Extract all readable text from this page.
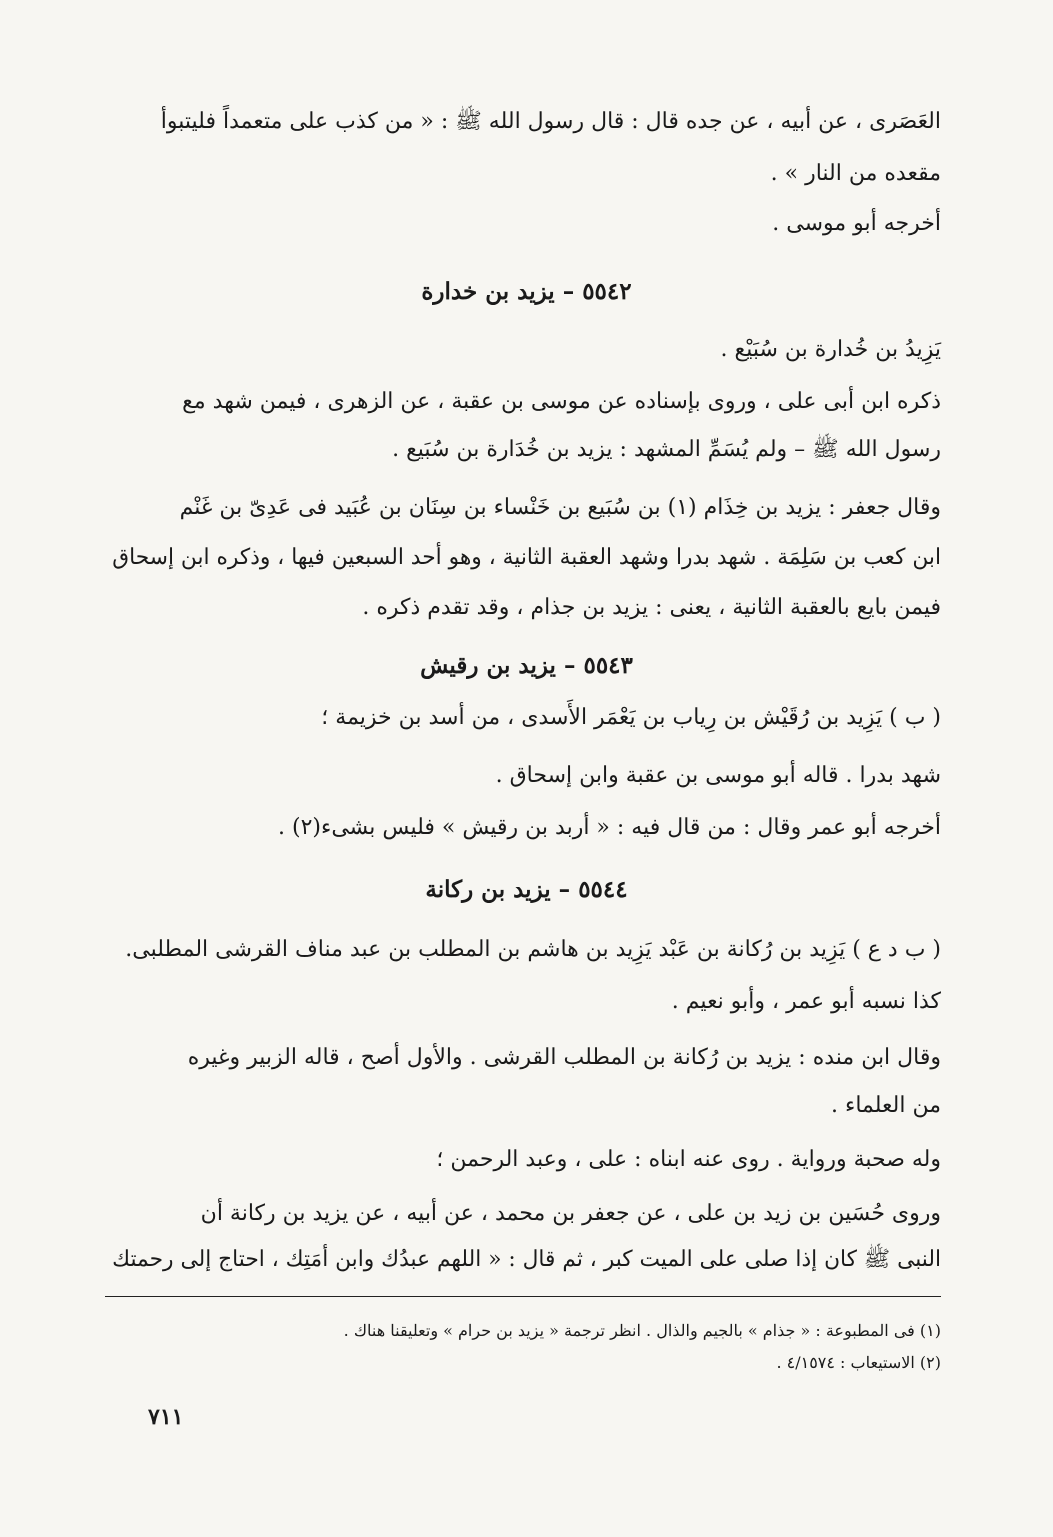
العَصَرى ، عن أبيه ، عن جده قال : قال رسول الله ﷺ : « من كذب على متعمداً فليتبوأ
مقعده من النار » .
أخرجه أبو موسى .
٥٥٤٢ – يزيد بن خدارة
يَزِيدُ بن خُدارة بن سُبَيْع .
ذكره ابن أبى على ، وروى بإسناده عن موسى بن عقبة ، عن الزهرى ، فيمن شهد مع
رسول الله ﷺ – ولم يُسَمِّ المشهد : يزيد بن خُدَارة بن سُبَيع .
وقال جعفر : يزيد بن خِذَام (١) بن سُبَيع بن خَنْساء بن سِنَان بن عُبَيد فى عَدِىّ بن غَنْم
ابن كعب بن سَلِمَة . شهد بدرا وشهد العقبة الثانية ، وهو أحد السبعين فيها ، وذكره ابن إسحاق
فيمن بايع بالعقبة الثانية ، يعنى : يزيد بن جذام ، وقد تقدم ذكره .
٥٥٤٣ – يزيد بن رقيش
( ب ) يَزِيد بن رُقَيْش بن رِياب بن يَعْمَر الأَسدى ، من أسد بن خزيمة ؛
شهد بدرا . قاله أبو موسى بن عقبة وابن إسحاق .
أخرجه أبو عمر وقال : من قال فيه : « أربد بن رقيش » فليس بشىء(٢) .
٥٥٤٤ – يزيد بن ركانة
( ب د ع ) يَزِيد بن رُكانة بن عَبْد يَزِيد بن هاشم بن المطلب بن عبد مناف القرشى المطلبى.
كذا نسبه أبو عمر ، وأبو نعيم .
وقال ابن منده : يزيد بن رُكانة بن المطلب القرشى . والأول أصح ، قاله الزبير وغيره
من العلماء .
وله صحبة ورواية . روى عنه ابناه : على ، وعبد الرحمن ؛
وروى حُسَين بن زيد بن على ، عن جعفر بن محمد ، عن أبيه ، عن يزيد بن ركانة أن
النبى ﷺ كان إذا صلى على الميت كبر ، ثم قال : « اللهم عبدُك وابن أمَتِك ، احتاج إلى رحمتك
(١) فى المطبوعة : « جذام » بالجيم والذال . انظر ترجمة « يزيد بن حرام » وتعليقنا هناك .
(٢) الاستيعاب : ٤/١٥٧٤ .
٧١١
